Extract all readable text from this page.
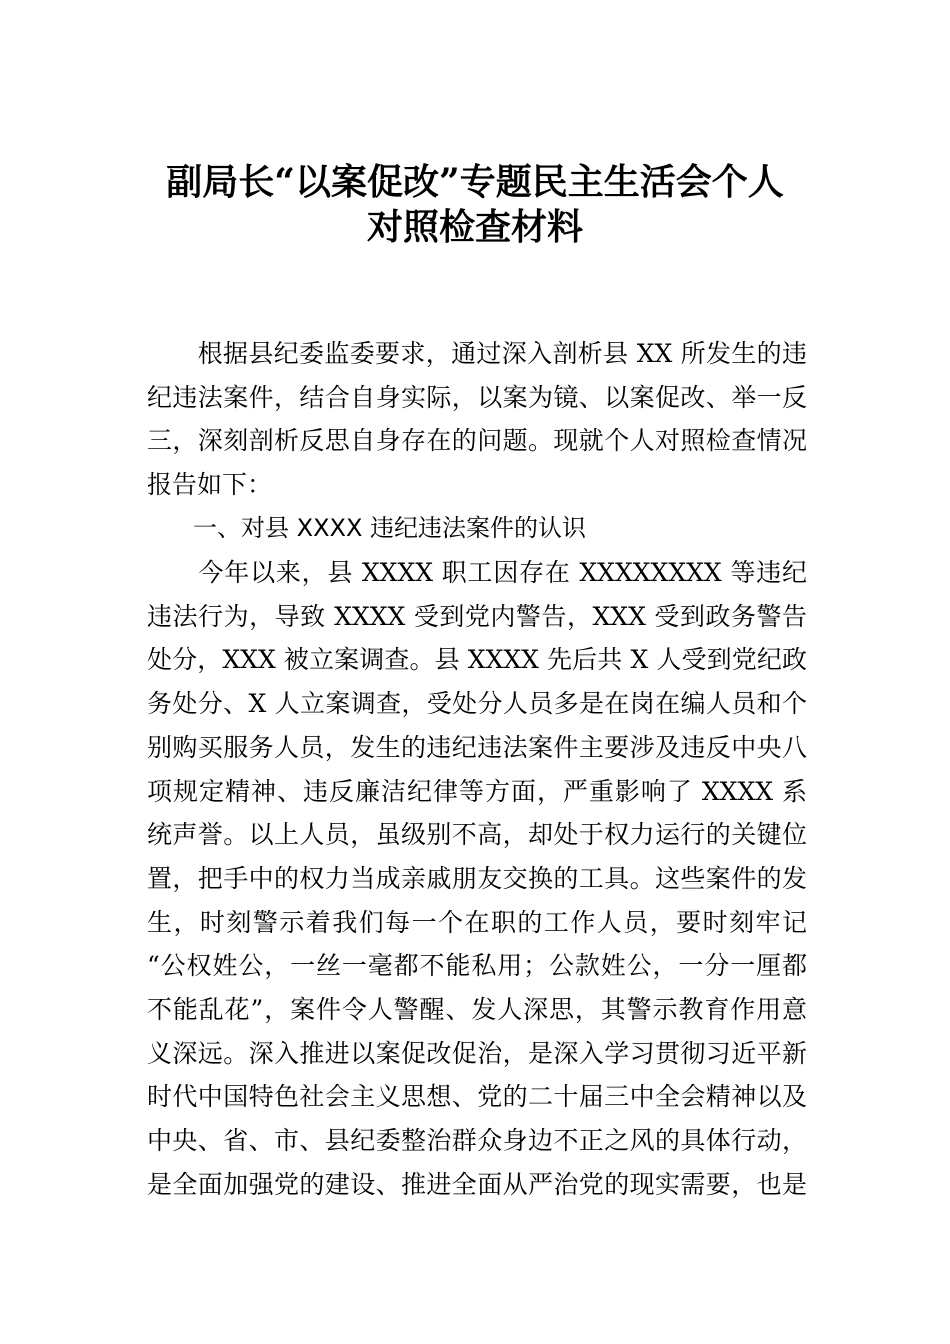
副局长“以案促改”专题民主生活会个人
对照检查材料
　　根据县纪委监委要求，通过深入剖析县 XX 所发生的违
纪违法案件，结合自身实际，以案为镜、以案促改、举一反
三，深刻剖析反思自身存在的问题。现就个人对照检查情况
报告如下：
一、对县 XXXX 违纪违法案件的认识
　　今年以来，县 XXXX 职工因存在 XXXXXXXX 等违纪
违法行为，导致 XXXX 受到党内警告，XXX 受到政务警告
处分，XXX 被立案调查。县 XXXX 先后共 X 人受到党纪政
务处分、X 人立案调查，受处分人员多是在岗在编人员和个
别购买服务人员，发生的违纪违法案件主要涉及违反中央八
项规定精神、违反廉洁纪律等方面，严重影响了 XXXX 系
统声誉。以上人员，虽级别不高，却处于权力运行的关键位
置，把手中的权力当成亲戚朋友交换的工具。这些案件的发
生，时刻警示着我们每一个在职的工作人员，要时刻牢记
“公权姓公，一丝一毫都不能私用；公款姓公，一分一厘都
不能乱花”，案件令人警醒、发人深思，其警示教育作用意
义深远。深入推进以案促改促治，是深入学习贯彻习近平新
时代中国特色社会主义思想、党的二十届三中全会精神以及
中央、省、市、县纪委整治群众身边不正之风的具体行动，
是全面加强党的建设、推进全面从严治党的现实需要，也是
